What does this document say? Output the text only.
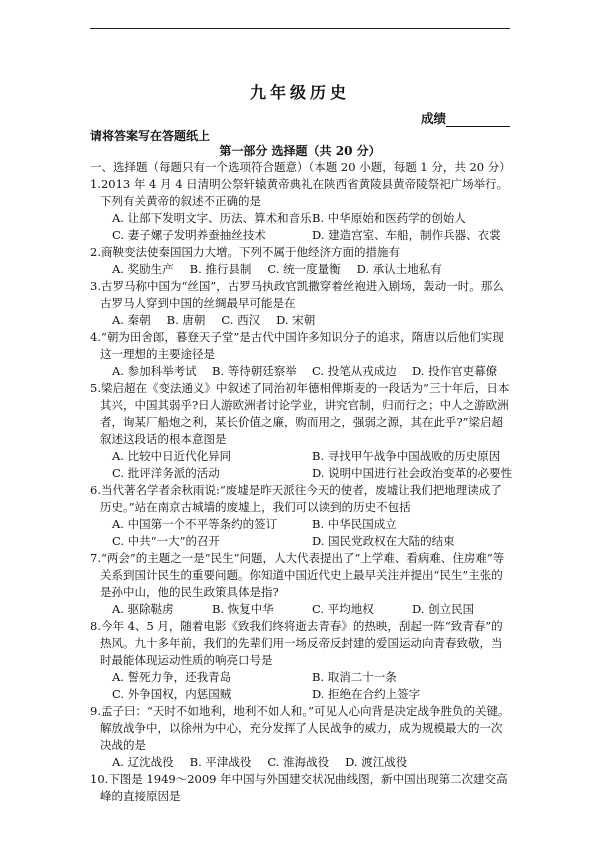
九年级历史
成绩
请将答案写在答题纸上
第一部分 选择题（共 20 分）

一、选择题（每题只有一个选项符合题意）（本题 20 小题，每题 1 分，共 20 分）

1.2013 年 4 月 4 日清明公祭轩辕黄帝典礼在陕西省黄陵县黄帝陵祭祀广场举行。下列有关黄帝的叙述不正确的是

A. 让部下发明文字、历法、算术和音乐 B. 中华原始和医药学的创始人
C. 妻子嫘子发明养蚕抽丝技术	D. 建造宫室、车船，制作兵器、衣裳

2.商鞅变法使秦国国力大增。下列不属于他经济方面的措施有

A. 奖励生产 B. 推行县制 C. 统一度量衡 D. 承认土地私有

3.古罗马称中国为“丝国”，古罗马执政官凯撒穿着丝袍进入剧场，轰动一时。那么古罗马人穿到中国的丝绸最早可能是在

A. 秦朝 B. 唐朝 C. 西汉 D. 宋朝

4.“朝为田舍郎，暮登天子堂”是古代中国许多知识分子的追求，隋唐以后他们实现这一理想的主要途径是

A. 参加科举考试	B. 等待朝廷察举	C. 投笔从戎成边	D. 投作官吏幕僚

5.梁启超在《变法通义》中叙述了同治初年德相俾斯麦的一段话为“三十年后，日本其兴，中国其弱乎?日人游欧洲者讨论学业，讲究官制，归而行之；中人之游欧洲者，询某厂船炮之利，某长价值之廉，购而用之，强弱之源，其在此乎?”梁启超叙述这段话的根本意图是

A. 比较中日近代化异同	B. 寻找甲午战争中国战败的历史原因
C. 批评洋务派的活动	D. 说明中国进行社会政治变革的必要性

6.当代著名学者余秋雨说:“废墟是昨天派往今天的使者，废墟让我们把地理读成了历史。”站在南京古城墙的废墟上，我们可以读到的历史不包括

A. 中国第一个不平等条约的签订	B. 中华民国成立
C. 中共“一大”的召开	D. 国民党政权在大陆的结束

7.“两会”的主题之一是“民生”问题，人大代表提出了“上学难、看病难、住房难”等关系到国计民生的重要问题。你知道中国近代史上最早关注并提出“民生”主张的是孙中山，他的民生政策具体是指?

A. 驱除鞑虏	B. 恢复中华	C. 平均地权	D. 创立民国

8.今年 4、5 月，随着电影《致我们终将逝去青春》的热映，刮起一阵“致青春”的热风。九十多年前，我们的先辈们用一场反帝反封建的爱国运动向青春致敬，当时最能体现运动性质的响亮口号是

A. 誓死力争，还我青岛	B. 取消二十一条
C. 外争国权，内惩国贼	D. 拒绝在合约上签字

9.孟子曰：“天时不如地利，地利不如人和。”可见人心向背是决定战争胜负的关键。解放战争中，以徐州为中心，充分发挥了人民战争的威力，成为规模最大的一次决战的是

A. 辽沈战役 B. 平津战役 C. 淮海战役 D. 渡江战役

10.下图是 1949～2009 年中国与外国建交状况曲线图，新中国出现第二次建交高峰的直接原因是
